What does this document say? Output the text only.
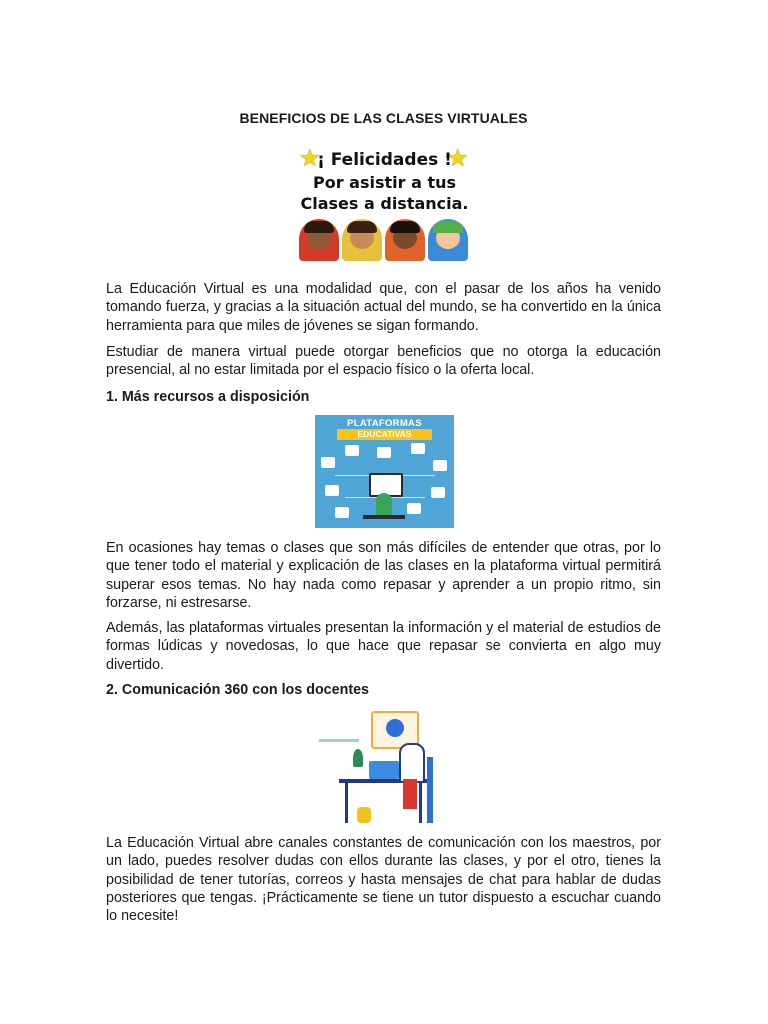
BENEFICIOS DE LAS CLASES VIRTUALES
★	★
¡ Felicidades !
Por asistir a tus
Clases a distancia.

La Educación Virtual es una modalidad que, con el pasar de los años ha venido tomando fuerza, y gracias a la situación actual del mundo, se ha convertido en la única herramienta para que miles de jóvenes se sigan formando.

Estudiar de manera virtual puede otorgar beneficios que no otorga la educación presencial, al no estar limitada por el espacio físico o la oferta local.

1. Más recursos a disposición

PLATAFORMAS
EDUCATIVAS

En ocasiones hay temas o clases que son más difíciles de entender que otras, por lo que tener todo el material y explicación de las clases en la plataforma virtual permitirá superar esos temas. No hay nada como repasar y aprender a un propio ritmo, sin forzarse, ni estresarse.

Además, las plataformas virtuales presentan la información y el material de estudios de formas lúdicas y novedosas, lo que hace que repasar se convierta en algo muy divertido.

2. Comunicación 360 con los docentes

La Educación Virtual abre canales constantes de comunicación con los maestros, por un lado, puedes resolver dudas con ellos durante las clases, y por el otro, tienes la posibilidad de tener tutorías, correos y hasta mensajes de chat para hablar de dudas posteriores que tengas. ¡Prácticamente se tiene un tutor dispuesto a escuchar cuando lo necesite!
